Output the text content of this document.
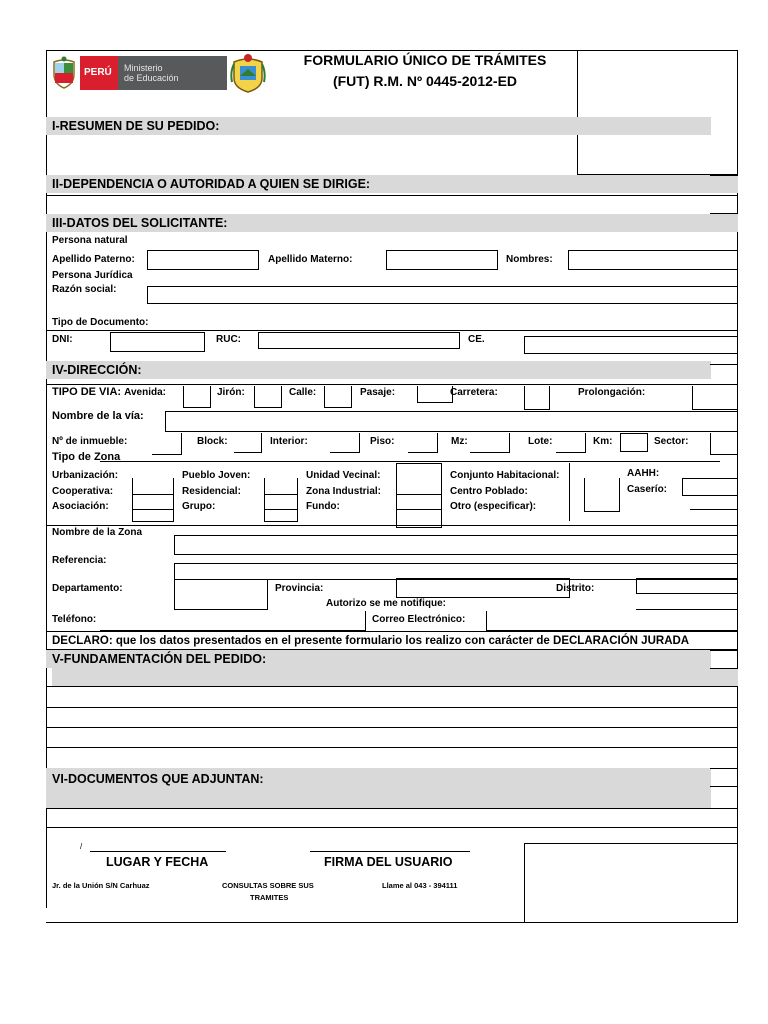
PERÚ Ministerio
de Educación
FORMULARIO ÚNICO DE TRÁMITES
(FUT) R.M. Nº 0445-2012-ED
I-RESUMEN DE SU PEDIDO:
II-DEPENDENCIA O AUTORIDAD A QUIEN SE DIRIGE:
III-DATOS DEL SOLICITANTE:
Persona natural
Apellido Paterno:	Apellido Materno:	Nombres:
Persona Jurídica
Razón social:
Tipo de Documento:
DNI:	RUC:	CE.
IV-DIRECCIÓN:
TIPO DE VIA: Avenida:	Jirón:	Calle:	Pasaje:	Carretera:	Prolongación:
Nombre de la vía:
Nº de inmueble:	Block:	Interior:	Piso:	Mz:	Lote:	Km:	Sector:
Tipo de Zona
Urbanización:	Pueblo Joven:	Unidad Vecinal:	Conjunto Habitacional:	AAHH:
Cooperativa:	Residencial:	Zona Industrial:	Centro Poblado:	Caserío:
Asociación:	Grupo:	Fundo:	Otro (especificar):
Nombre de la Zona
Referencia:
Departamento:	Provincia:	Distrito:
Autorizo se me notifique:
Teléfono:	Correo Electrónico:
DECLARO: que los datos presentados en el presente formulario los realizo con carácter de DECLARACIÓN JURADA
V-FUNDAMENTACIÓN DEL PEDIDO:
VI-DOCUMENTOS QUE ADJUNTAN:
/
LUGAR Y FECHA	FIRMA DEL USUARIO
Jr. de la Unión S/N Carhuaz	CONSULTAS SOBRE SUS
TRAMITES
Llame al 043 - 394111
